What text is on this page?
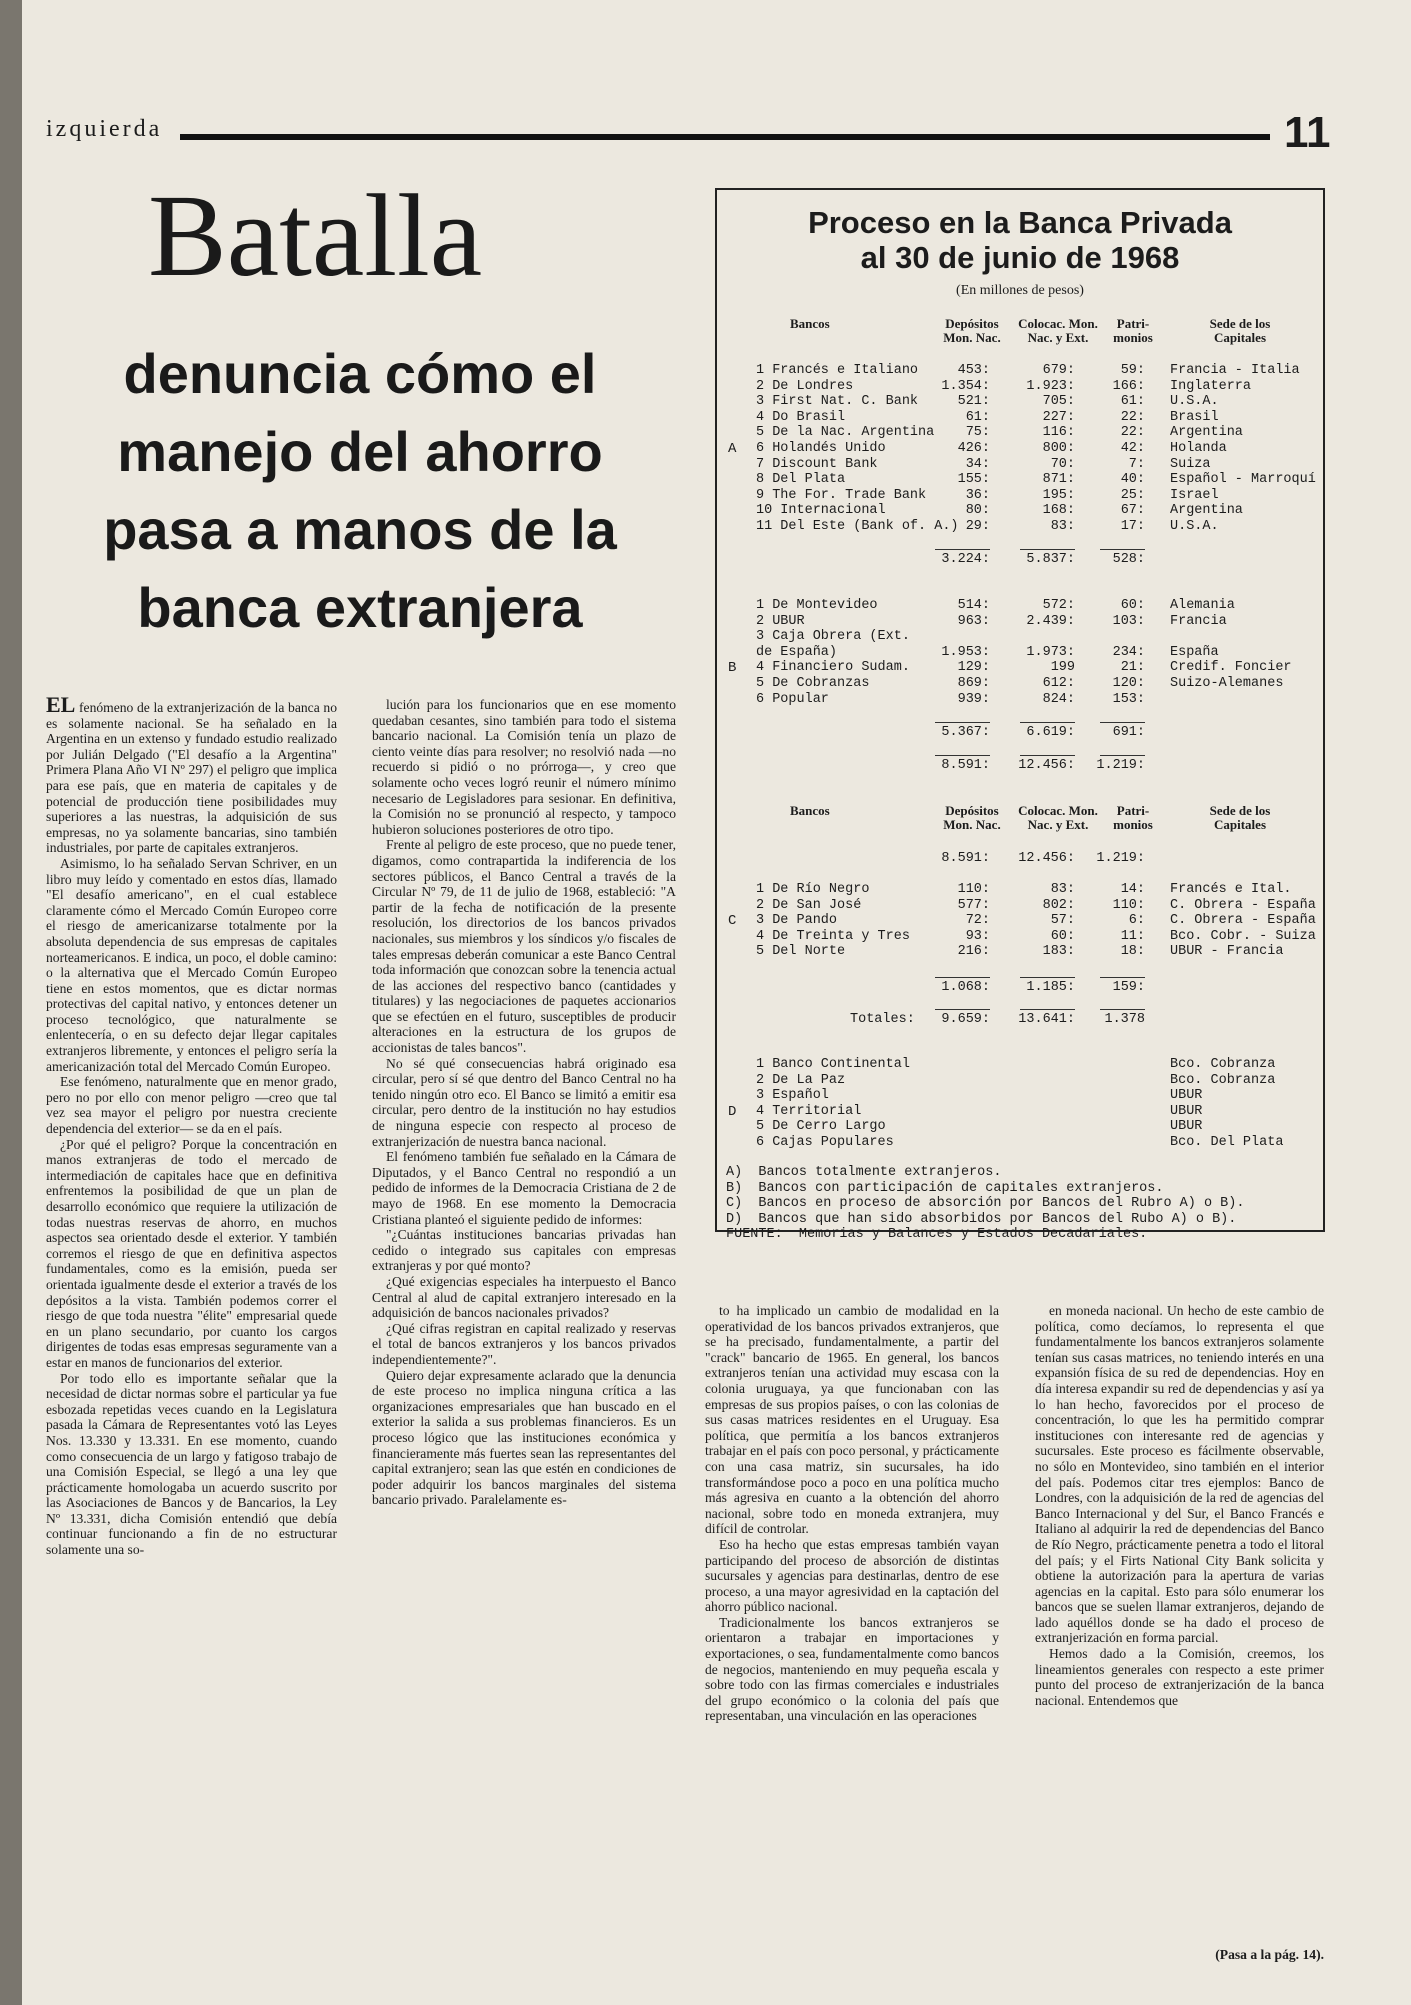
izquierda	11
Batalla
denuncia cómo el
manejo del ahorro
pasa a manos de la
banca extranjera

EL fenómeno de la extranjerización de la banca no es solamente nacional. Se ha señalado en la Argentina en un extenso y fundado estudio realizado por Julián Delgado ("El desafío a la Argentina" Primera Plana Año VI Nº 297) el peligro que implica para ese país, que en materia de capitales y de potencial de producción tiene posibilidades muy superiores a las nuestras, la adquisición de sus empresas, no ya solamente bancarias, sino también industriales, por parte de capitales extranjeros.

Asimismo, lo ha señalado Servan Schriver, en un libro muy leído y comentado en estos días, llamado "El desafío americano", en el cual establece claramente cómo el Mercado Común Europeo corre el riesgo de americanizarse totalmente por la absoluta dependencia de sus empresas de capitales norteamericanos. E indica, un poco, el doble camino: o la alternativa que el Mercado Común Europeo tiene en estos momentos, que es dictar normas protectivas del capital nativo, y entonces detener un proceso tecnológico, que naturalmente se enlentecería, o en su defecto dejar llegar capitales extranjeros libremente, y entonces el peligro sería la americanización total del Mercado Común Europeo.

Ese fenómeno, naturalmente que en menor grado, pero no por ello con menor peligro —creo que tal vez sea mayor el peligro por nuestra creciente dependencia del exterior— se da en el país.

¿Por qué el peligro? Porque la concentración en manos extranjeras de todo el mercado de intermediación de capitales hace que en definitiva enfrentemos la posibilidad de que un plan de desarrollo económico que requiere la utilización de todas nuestras reservas de ahorro, en muchos aspectos sea orientado desde el exterior. Y también corremos el riesgo de que en definitiva aspectos fundamentales, como es la emisión, pueda ser orientada igualmente desde el exterior a través de los depósitos a la vista. También podemos correr el riesgo de que toda nuestra "élite" empresarial quede en un plano secundario, por cuanto los cargos dirigentes de todas esas empresas seguramente van a estar en manos de funcionarios del exterior.

Por todo ello es importante señalar que la necesidad de dictar normas sobre el particular ya fue esbozada repetidas veces cuando en la Legislatura pasada la Cámara de Representantes votó las Leyes Nos. 13.330 y 13.331. En ese momento, cuando como consecuencia de un largo y fatigoso trabajo de una Comisión Especial, se llegó a una ley que prácticamente homologaba un acuerdo suscrito por las Asociaciones de Bancos y de Bancarios, la Ley Nº 13.331, dicha Comisión entendió que debía continuar funcionando a fin de no estructurar solamente una so-

lución para los funcionarios que en ese momento quedaban cesantes, sino también para todo el sistema bancario nacional. La Comisión tenía un plazo de ciento veinte días para resolver; no resolvió nada —no recuerdo si pidió o no prórroga—, y creo que solamente ocho veces logró reunir el número mínimo necesario de Legisladores para sesionar. En definitiva, la Comisión no se pronunció al respecto, y tampoco hubieron soluciones posteriores de otro tipo.

Frente al peligro de este proceso, que no puede tener, digamos, como contrapartida la indiferencia de los sectores públicos, el Banco Central a través de la Circular Nº 79, de 11 de julio de 1968, estableció: "A partir de la fecha de notificación de la presente resolución, los directorios de los bancos privados nacionales, sus miembros y los síndicos y/o fiscales de tales empresas deberán comunicar a este Banco Central toda información que conozcan sobre la tenencia actual de las acciones del respectivo banco (cantidades y titulares) y las negociaciones de paquetes accionarios que se efectúen en el futuro, susceptibles de producir alteraciones en la estructura de los grupos de accionistas de tales bancos".

No sé qué consecuencias habrá originado esa circular, pero sí sé que dentro del Banco Central no ha tenido ningún otro eco. El Banco se limitó a emitir esa circular, pero dentro de la institución no hay estudios de ninguna especie con respecto al proceso de extranjerización de nuestra banca nacional.

El fenómeno también fue señalado en la Cámara de Diputados, y el Banco Central no respondió a un pedido de informes de la Democracia Cristiana de 2 de mayo de 1968. En ese momento la Democracia Cristiana planteó el siguiente pedido de informes:

"¿Cuántas instituciones bancarias privadas han cedido o integrado sus capitales con empresas extranjeras y por qué monto?

¿Qué exigencias especiales ha interpuesto el Banco Central al alud de capital extranjero interesado en la adquisición de bancos nacionales privados?

¿Qué cifras registran en capital realizado y reservas el total de bancos extranjeros y los bancos privados independientemente?".

Quiero dejar expresamente aclarado que la denuncia de este proceso no implica ninguna crítica a las organizaciones empresariales que han buscado en el exterior la salida a sus problemas financieros. Es un proceso lógico que las instituciones económica y financieramente más fuertes sean las representantes del capital extranjero; sean las que estén en condiciones de poder adquirir los bancos marginales del sistema bancario privado. Paralelamente es-

to ha implicado un cambio de modalidad en la operatividad de los bancos privados extranjeros, que se ha precisado, fundamentalmente, a partir del "crack" bancario de 1965. En general, los bancos extranjeros tenían una actividad muy escasa con la colonia uruguaya, ya que funcionaban con las empresas de sus propios países, o con las colonias de sus casas matrices residentes en el Uruguay. Esa política, que permitía a los bancos extranjeros trabajar en el país con poco personal, y prácticamente con una casa matriz, sin sucursales, ha ido transformándose poco a poco en una política mucho más agresiva en cuanto a la obtención del ahorro nacional, sobre todo en moneda extranjera, muy difícil de controlar.

Eso ha hecho que estas empresas también vayan participando del proceso de absorción de distintas sucursales y agencias para destinarlas, dentro de ese proceso, a una mayor agresividad en la captación del ahorro público nacional.

Tradicionalmente los bancos extranjeros se orientaron a trabajar en importaciones y exportaciones, o sea, fundamentalmente como bancos de negocios, manteniendo en muy pequeña escala y sobre todo con las firmas comerciales e industriales del grupo económico o la colonia del país que representaban, una vinculación en las operaciones

en moneda nacional. Un hecho de este cambio de política, como decíamos, lo representa el que fundamentalmente los bancos extranjeros solamente tenían sus casas matrices, no teniendo interés en una expansión física de su red de dependencias. Hoy en día interesa expandir su red de dependencias y así ya lo han hecho, favorecidos por el proceso de concentración, lo que les ha permitido comprar instituciones con interesante red de agencias y sucursales. Este proceso es fácilmente observable, no sólo en Montevideo, sino también en el interior del país. Podemos citar tres ejemplos: Banco de Londres, con la adquisición de la red de agencias del Banco Internacional y del Sur, el Banco Francés e Italiano al adquirir la red de dependencias del Banco de Río Negro, prácticamente penetra a todo el litoral del país; y el Firts National City Bank solicita y obtiene la autorización para la apertura de varias agencias en la capital. Esto para sólo enumerar los bancos que se suelen llamar extranjeros, dejando de lado aquéllos donde se ha dado el proceso de extranjerización en forma parcial.

Hemos dado a la Comisión, creemos, los lineamientos generales con respecto a este primer punto del proceso de extranjerización de la banca nacional. Entendemos que

(Pasa a la pág. 14).
Proceso en la Banca Privada
al 30 de junio de 1968
(En millones de pesos)
Bancos	Depósitos Mon. Nac.
Colocac. Mon. Nac. y Ext.
Patri- monios
Sede de los Capitales
1 Francés e Italiano	453:	679:	59: Francia - Italia
2 De Londres	1.354:	1.923:	166: Inglaterra
3 First Nat. C. Bank	521:	705:	61: U.S.A.
4 Do Brasil	61:	227:	22: Brasil
5 De la Nac. Argentina	75:	116:	22: Argentina
6 Holandés Unido	426:	800:	42: Holanda
7 Discount Bank	34:	70:	7: Suiza
8 Del Plata	155:	871:	40: Español - Marroquí
9 The For. Trade Bank	36:	195:	25: Israel
10 Internacional	80:	168:	67: Argentina
11 Del Este (Bank of. A.) 29:	83:	17: U.S.A.
A
3.224:	5.837:	528:
1 De Montevideo	514:	572:	60: Alemania
2 UBUR	963:	2.439:	103: Francia
3 Caja Obrera (Ext.
de España)	1.953:	1.973:	234: España
4 Financiero Sudam.	129:	199	21: Credif. Foncier
5 De Cobranzas	869:	612:	120: Suizo-Alemanes
6 Popular	939:	824:	153:
B
5.367:	6.619:	691:
8.591:	12.456:	1.219:
Bancos	Depósitos Mon. Nac.
Colocac. Mon. Nac. y Ext.
Patri- monios
Sede de los Capitales
8.591:	12.456:	1.219:
1 De Río Negro	110:	83:	14: Francés e Ital.
2 De San José	577:	802:	110: C. Obrera - España
3 De Pando	72:	57:	6: C. Obrera - España
4 De Treinta y Tres	93:	60:	11: Bco. Cobr. - Suiza
5 Del Norte	216:	183:	18: UBUR - Francia
C
1.068:	1.185:	159:
Totales:	9.659:	13.641:	1.378
1 Banco Continental	Bco. Cobranza
2 De La Paz	Bco. Cobranza
3 Español	UBUR
4 Territorial	UBUR
5 De Cerro Largo	UBUR
6 Cajas Populares	Bco. Del Plata
D
A)  Bancos totalmente extranjeros.
B)  Bancos con participación de capitales extranjeros.
C)  Bancos en proceso de absorción por Bancos del Rubro A) o B).
D)  Bancos que han sido absorbidos por Bancos del Rubo A) o B).
FUENTE:  Memorias y Balances y Estados Decadariales.
